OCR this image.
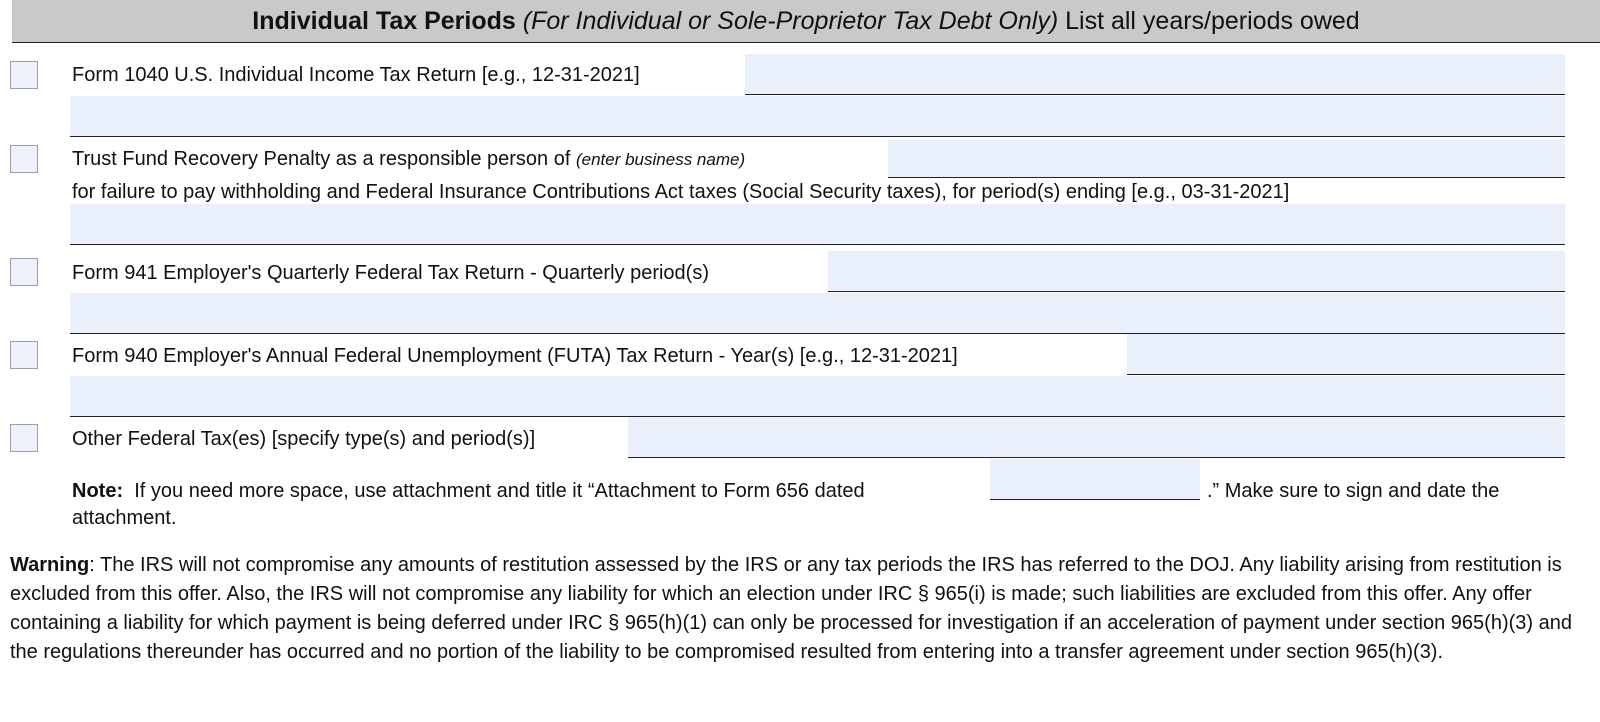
Individual Tax Periods (For Individual or Sole-Proprietor Tax Debt Only) List all years/periods owed
Form 1040 U.S. Individual Income Tax Return [e.g., 12-31-2021]
Trust Fund Recovery Penalty as a responsible person of (enter business name)
for failure to pay withholding and Federal Insurance Contributions Act taxes (Social Security taxes), for period(s) ending [e.g., 03-31-2021]
Form 941 Employer's Quarterly Federal Tax Return - Quarterly period(s)
Form 940 Employer's Annual Federal Unemployment (FUTA) Tax Return - Year(s) [e.g., 12-31-2021]
Other Federal Tax(es) [specify type(s) and period(s)]
Note: If you need more space, use attachment and title it “Attachment to Form 656 dated	.” Make sure to sign and date the
attachment.
Warning: The IRS will not compromise any amounts of restitution assessed by the IRS or any tax periods the IRS has referred to the DOJ. Any liability arising from restitution is excluded from this offer. Also, the IRS will not compromise any liability for which an election under IRC § 965(i) is made; such liabilities are excluded from this offer. Any offer containing a liability for which payment is being deferred under IRC § 965(h)(1) can only be processed for investigation if an acceleration of payment under section 965(h)(3) and the regulations thereunder has occurred and no portion of the liability to be compromised resulted from entering into a transfer agreement under section 965(h)(3).
